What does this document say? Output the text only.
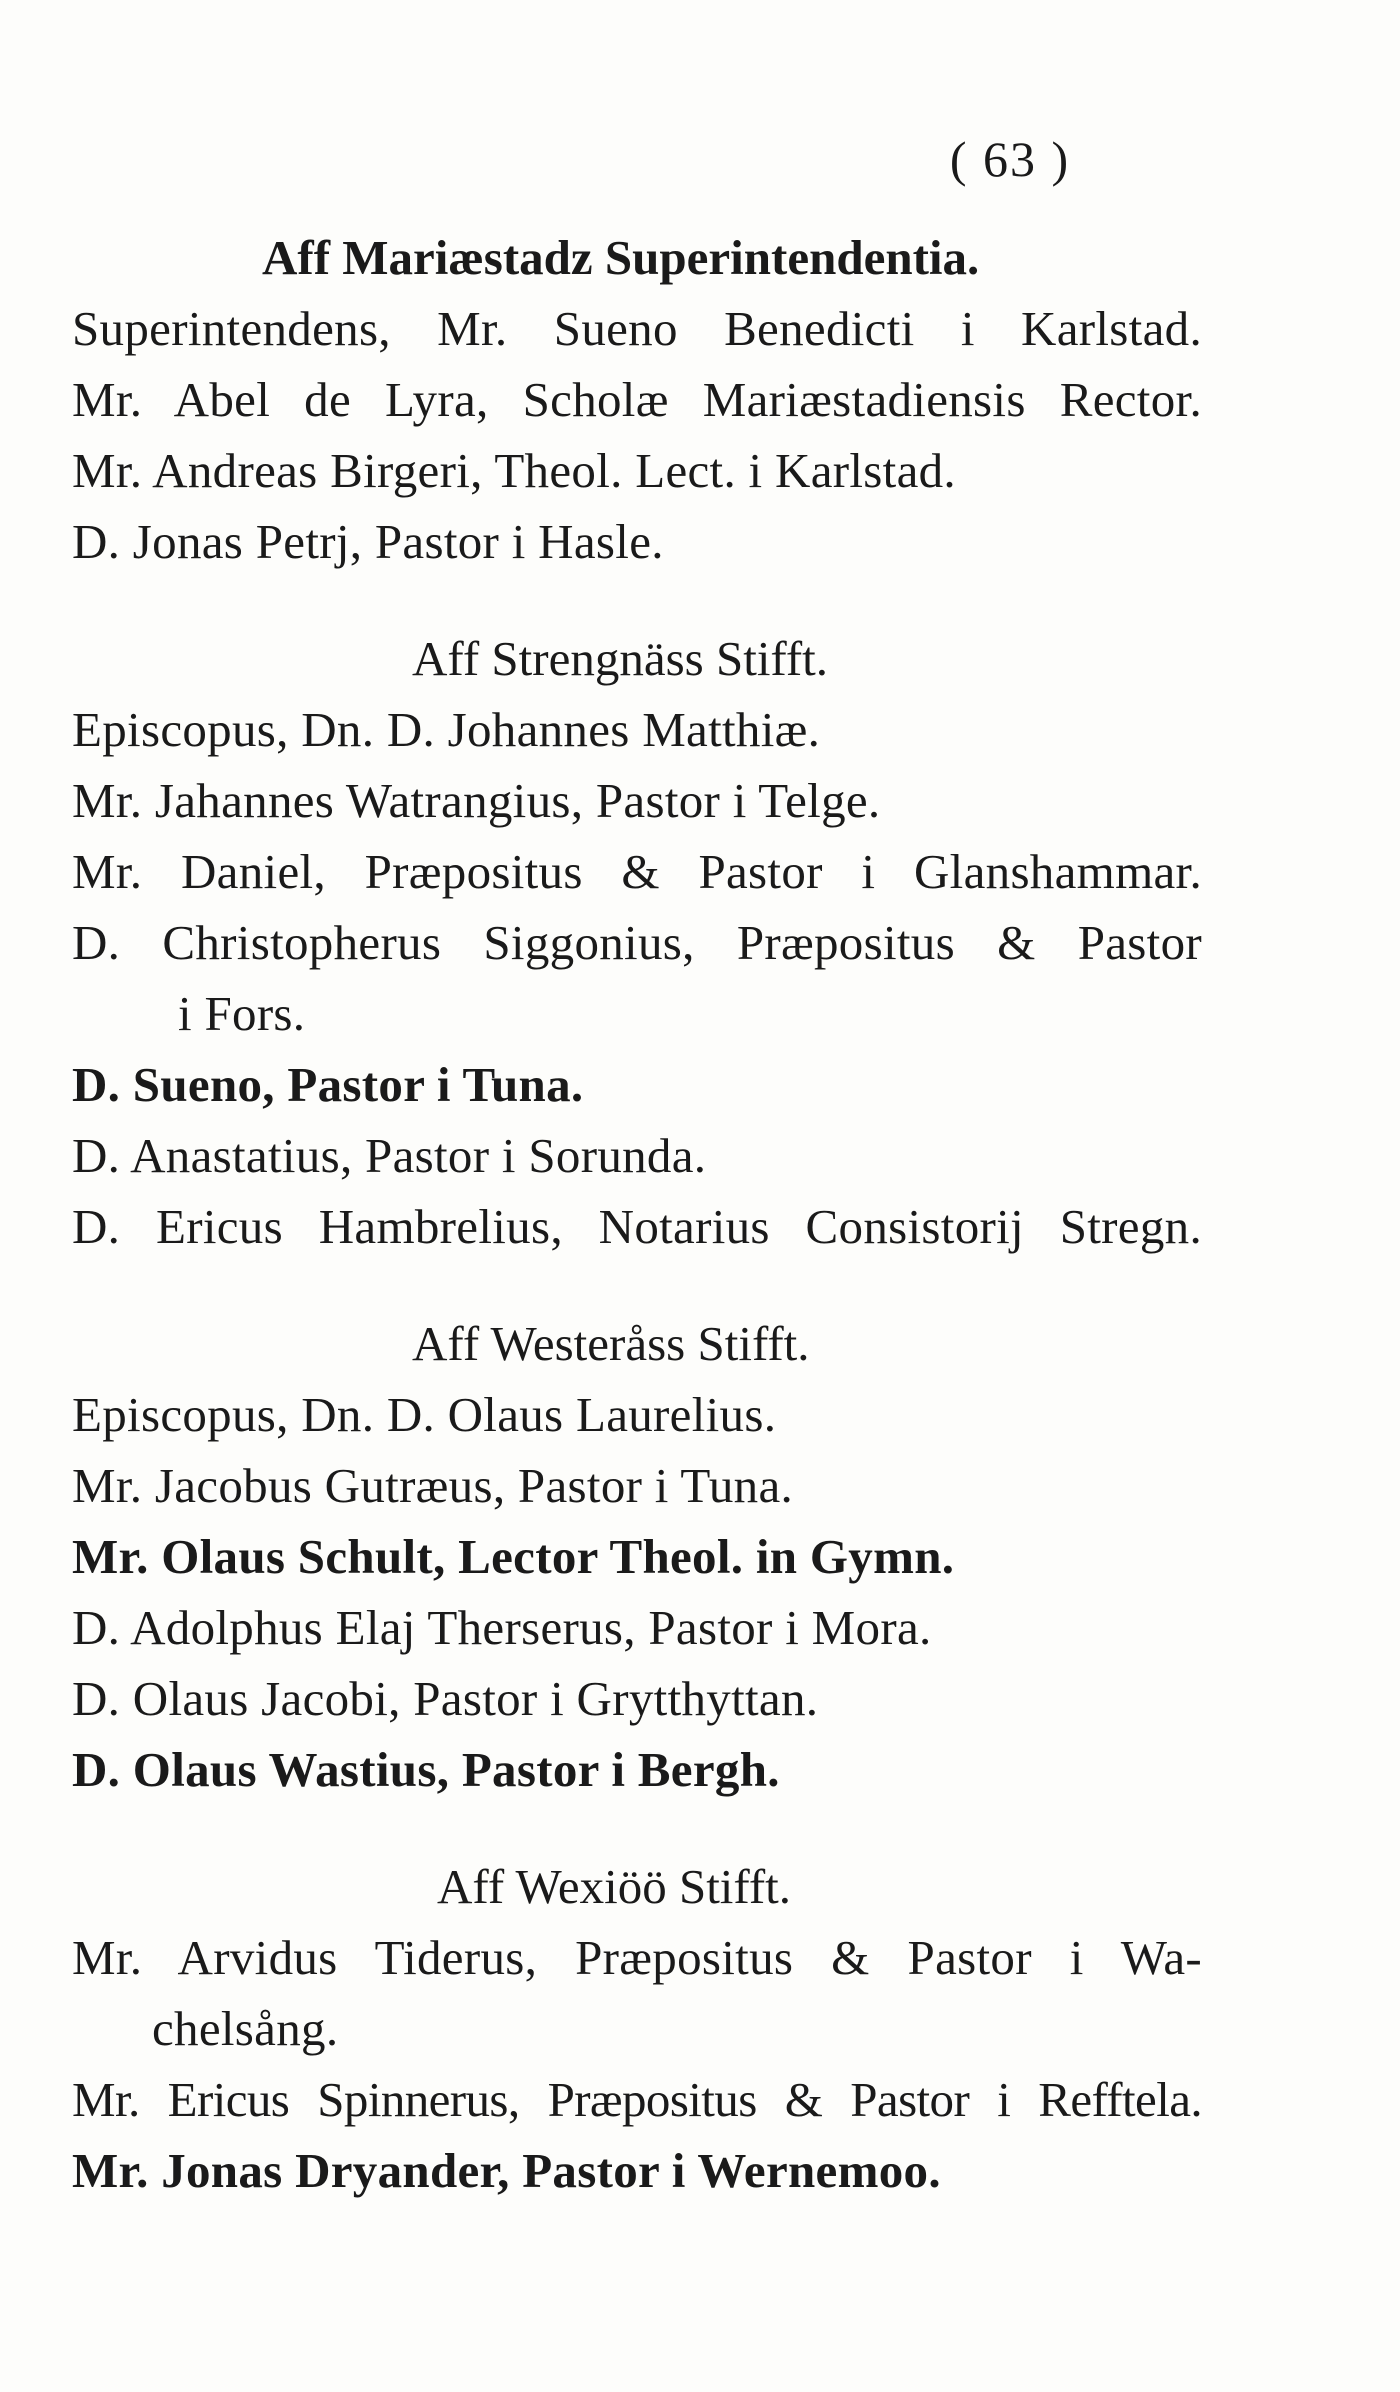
( 63 )
Aff Mariæstadz Superintendentia.
Superintendens, Mr. Sueno Benedicti i Karlstad.
Mr. Abel de Lyra, Scholæ Mariæstadiensis Rector.
Mr. Andreas Birgeri, Theol. Lect. i Karlstad.
D. Jonas Petrj, Pastor i Hasle.
Aff Strengnäss Stifft.
Episcopus, Dn. D. Johannes Matthiæ.
Mr. Jahannes Watrangius, Pastor i Telge.
Mr. Daniel, Præpositus & Pastor i Glanshammar.
D. Christopherus Siggonius, Præpositus & Pastor
i Fors.
D. Sueno, Pastor i Tuna.
D. Anastatius, Pastor i Sorunda.
D. Ericus Hambrelius, Notarius Consistorij Stregn.
Aff Westeråss Stifft.
Episcopus, Dn. D. Olaus Laurelius.
Mr. Jacobus Gutræus, Pastor i Tuna.
Mr. Olaus Schult, Lector Theol. in Gymn.
D. Adolphus Elaj Therserus, Pastor i Mora.
D. Olaus Jacobi, Pastor i Grytthyttan.
D. Olaus Wastius, Pastor i Bergh.
Aff Wexiöö Stifft.
Mr. Arvidus Tiderus, Præpositus & Pastor i Wa-
chelsång.
Mr. Ericus Spinnerus, Præpositus & Pastor i Refftela.
Mr. Jonas Dryander, Pastor i Wernemoo.
